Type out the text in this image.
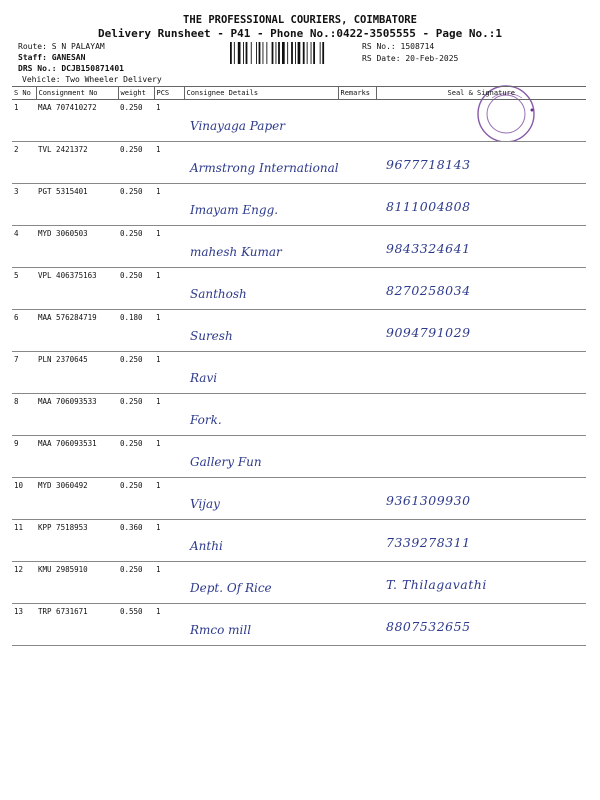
THE PROFESSIONAL COURIERS, COIMBATORE
Delivery Runsheet - P41 - Phone No.:0422-3505555 - Page No.:1
Route: S N PALAYAM
Staff: GANESAN
DRS No.: DCJB150871401
Vehicle: Two Wheeler Delivery
RS No.: 1508714
RS Date: 20-Feb-2025
S No	Consignment No	weight	PCS	Consignee Details	Remarks	Seal & Signature
1	MAA 707410272	0.250	1	Vinayaga Paper		

2	TVL 2421372	0.250	1	Armstrong International		9677718143

3	PGT 5315401	0.250	1	Imayam Engg.		8111004808

4	MYD 3060503	0.250	1	mahesh Kumar		9843324641

5	VPL 406375163	0.250	1	Santhosh		8270258034

6	MAA 576284719	0.180	1	Suresh		9094791029

7	PLN 2370645	0.250	1	Ravi		

8	MAA 706093533	0.250	1	Fork.		

9	MAA 706093531	0.250	1	Gallery Fun		

10	MYD 3060492	0.250	1	Vijay		9361309930

11	KPP 7518953	0.360	1	Anthi		7339278311

12	KMU 2985910	0.250	1	Dept. Of Rice		T. Thilagavathi

13	TRP 6731671	0.550	1	Rmco mill		8807532655
